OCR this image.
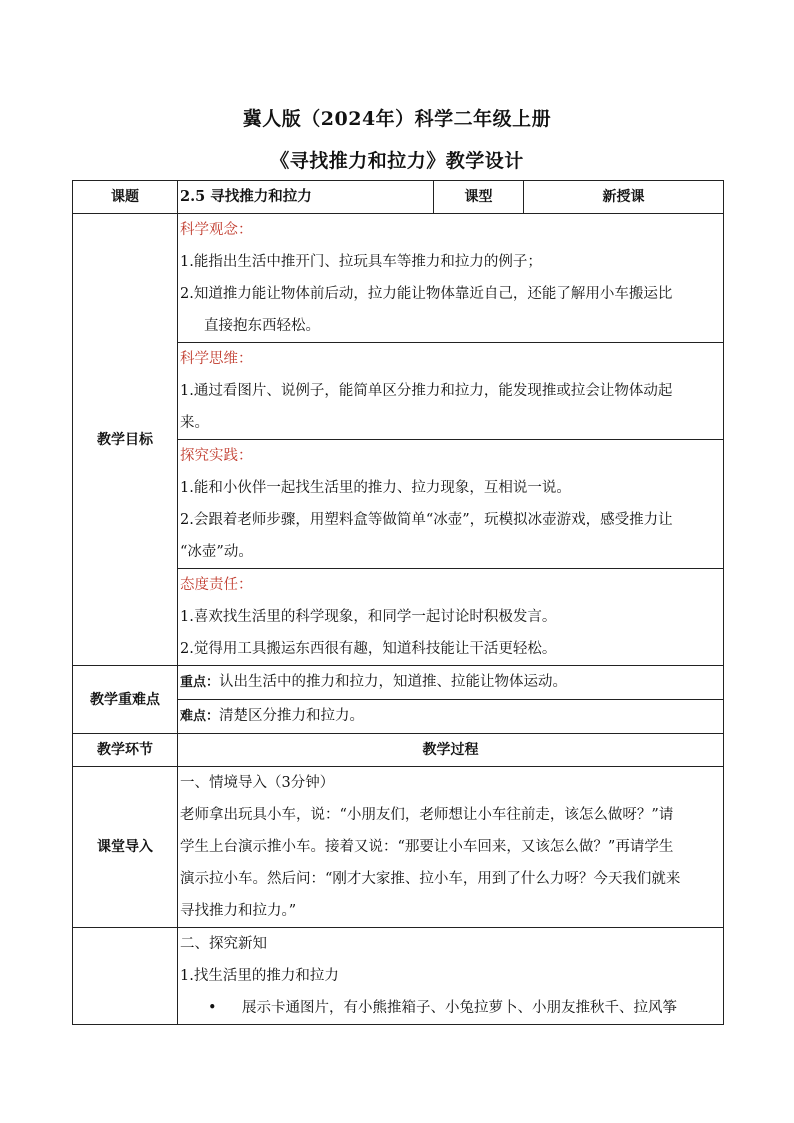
冀人版（2024年）科学二年级上册
《寻找推力和拉力》教学设计
课题	2.5 寻找推力和拉力	课型	新授课
教学目标	科学观念：

1.能指出生活中推开门、拉玩具车等推力和拉力的例子；

2.知道推力能让物体前后动，拉力能让物体靠近自己，还能了解用小车搬运比

直接抱东西轻松。		

	科学思维：

1.通过看图片、说例子，能简单区分推力和拉力，能发现推或拉会让物体动起

来。		

	探究实践：

1.能和小伙伴一起找生活里的推力、拉力现象，互相说一说。

2.会跟着老师步骤，用塑料盒等做简单“冰壶”，玩模拟冰壶游戏，感受推力让

“冰壶”动。		

	态度责任：

1.喜欢找生活里的科学现象，和同学一起讨论时积极发言。

2.觉得用工具搬运东西很有趣，知道科技能让干活更轻松。		

教学重难点	重点：认出生活中的推力和拉力，知道推、拉能让物体运动。		
	难点：清楚区分推力和拉力。		
教学环节	教学过程		
课堂导入	一、情境导入（3分钟）

老师拿出玩具小车，说：“小朋友们，老师想让小车往前走，该怎么做呀？”请

学生上台演示推小车。接着又说：“那要让小车回来，又该怎么做？”再请学生

演示拉小车。然后问：“刚才大家推、拉小车，用到了什么力呀？今天我们就来

寻找推力和拉力。”		

	二、探究新知

1.找生活里的推力和拉力

• 展示卡通图片，有小熊推箱子、小兔拉萝卜、小朋友推秋千、拉风筝		
